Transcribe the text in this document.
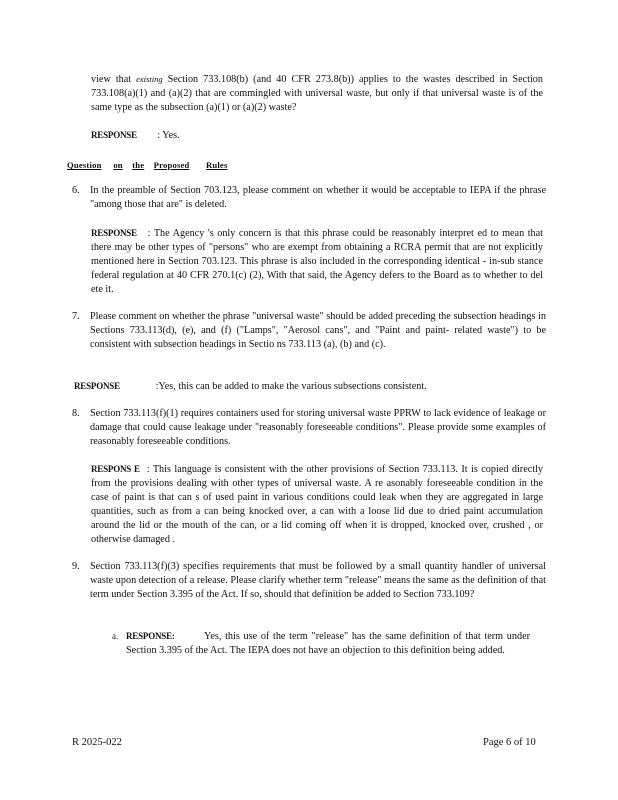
view that existing Section 733.108(b) (and 40 CFR 273.8(b)) applies to the wastes described in Section 733.108(a)(1) and (a)(2) that are commingled with universal waste, but only if that universal waste is of the same type as the subsection (a)(1) or (a)(2) waste?

RESPONSE : Yes.

Question on the Proposed Rules
6.	In the preamble of Section 703.123, please comment on whether it would be acceptable to IEPA if the phrase "among those that are" is deleted.

RESPONSE : The Agency 's only concern is that this phrase could be reasonably interpret ed to mean that there may be other types of "persons" who are exempt from obtaining a RCRA permit that are not explicitly mentioned here in Section 703.123. This phrase is also included in the corresponding identical - in-sub stance federal regulation at 40 CFR 270.1(c) (2), With that said, the Agency defers to the Board as to whether to del ete it.

7.	Please comment on whether the phrase "universal waste" should be added preceding the subsection headings in Sections 733.113(d), (e), and (f) ("Lamps", "Aerosol cans", and "Paint and paint- related waste") to be consistent with subsection headings in Sectio ns 733.113 (a), (b) and (c).

RESPONSE	:Yes, this can be added to make the various subsections consistent.

8.	Section 733.113(f)(1) requires containers used for storing universal waste PPRW to lack evidence of leakage or damage that could cause leakage under "reasonably foreseeable conditions". Please provide some examples of reasonably foreseeable conditions.

RESPONS E : This language is consistent with the other provisions of Section 733.113. It is copied directly from the provisions dealing with other types of universal waste. A re asonably foreseeable condition in the case of paint is that can s of used paint in various conditions could leak when they are aggregated in large quantities, such as from a can being knocked over, a can with a loose lid due to dried paint accumulation around the lid or the mouth of the can, or a lid coming off when it is dropped, knocked over, crushed , or otherwise damaged .

9.	Section 733.113(f)(3) specifies requirements that must be followed by a small quantity handler of universal waste upon detection of a release. Please clarify whether term "release" means the same as the definition of that term under Section 3.395 of the Act. If so, should that definition be added to Section 733.109?

a. RESPONSE:	Yes, this use of the term "release" has the same definition of that term under Section 3.395 of the Act. The IEPA does not have an objection to this definition being added.

R 2025-022	Page 6 of 10
